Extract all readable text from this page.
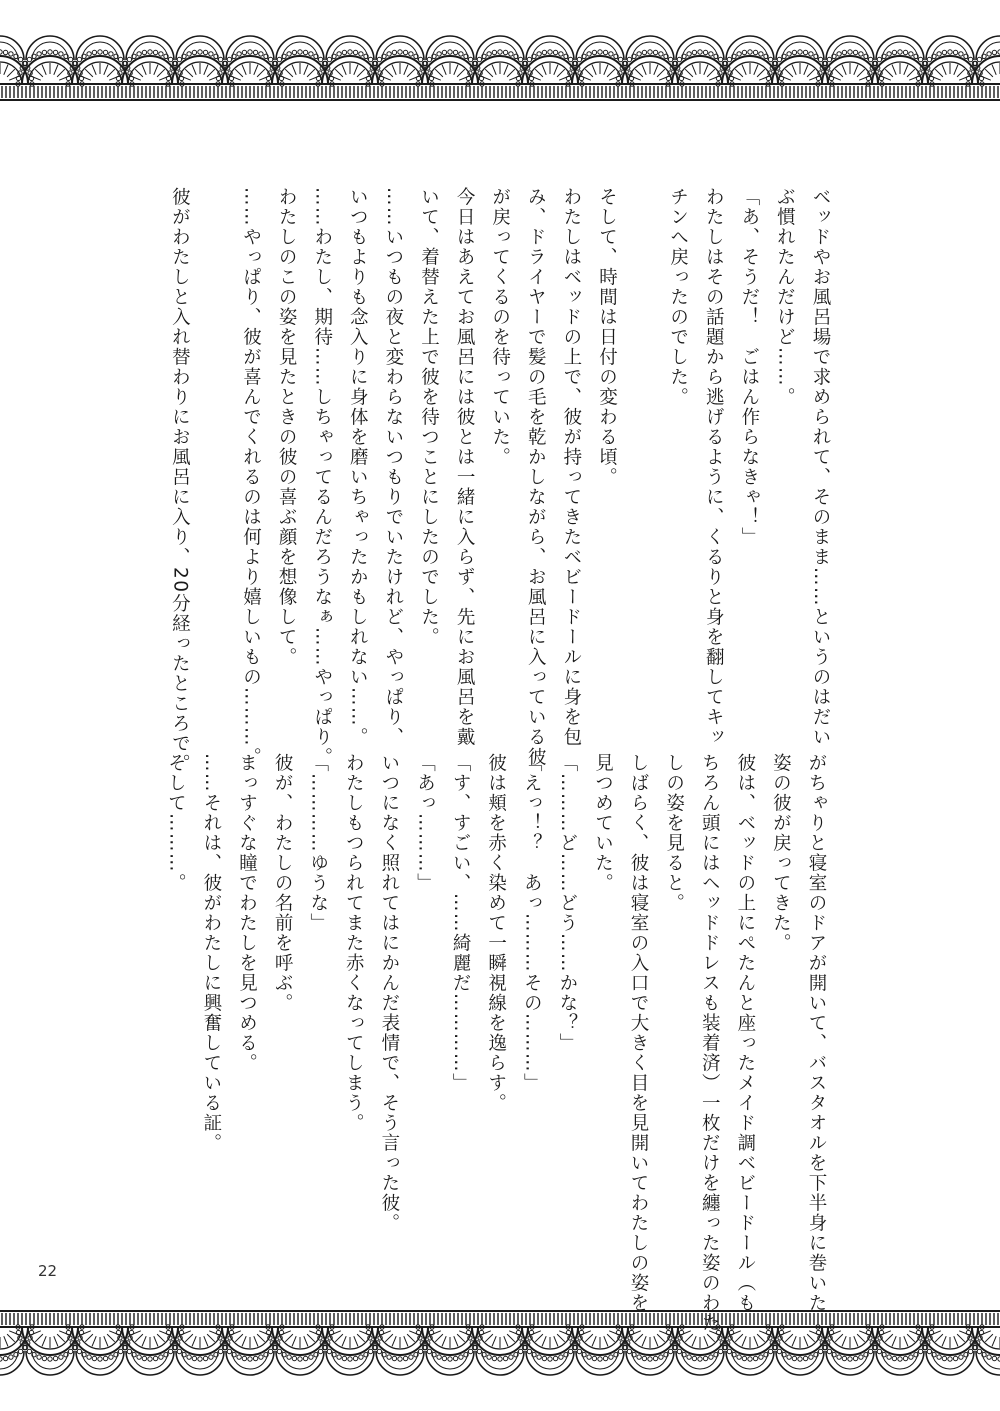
ベッドやお風呂場で求められて、そのまま……というのはだい
ぶ慣れたんだけど……。
「あ、そうだ！　ごはん作らなきゃ！」
わたしはその話題から逃げるように、くるりと身を翻してキッ
チンへ戻ったのでした。

そして、時間は日付の変わる頃。
わたしはベッドの上で、彼が持ってきたベビードールに身を包
み、ドライヤーで髪の毛を乾かしながら、お風呂に入っている彼
が戻ってくるのを待っていた。
今日はあえてお風呂には彼とは一緒に入らず、先にお風呂を戴
いて、着替えた上で彼を待つことにしたのでした。
……いつもの夜と変わらないつもりでいたけれど、やっぱり、
いつもよりも念入りに身体を磨いちゃったかもしれない……。
……わたし、期待……しちゃってるんだろうなぁ……やっぱり。
わたしのこの姿を見たときの彼の喜ぶ顔を想像して。
……やっぱり、彼が喜んでくれるのは何より嬉しいもの………。

彼がわたしと入れ替わりにお風呂に入り、20分経ったところで。
がちゃりと寝室のドアが開いて、バスタオルを下半身に巻いた
姿の彼が戻ってきた。
彼は、ベッドの上にぺたんと座ったメイド調ベビードール（も
ちろん頭にはヘッドドレスも装着済）一枚だけを纏った姿のわた
しの姿を見ると。
しばらく、彼は寝室の入口で大きく目を見開いてわたしの姿を
見つめていた。
「………ど……どう……かな？」
「えっ！？　あっ………その………」
彼は頬を赤く染めて一瞬視線を逸らす。
「す、すごい、……綺麗だ…………」
「あっ………」
いつになく照れてはにかんだ表情で、そう言った彼。
わたしもつられてまた赤くなってしまう。
「…………ゆうな」
彼が、わたしの名前を呼ぶ。
まっすぐな瞳でわたしを見つめる。
……それは、彼がわたしに興奮している証。
そして………。
22
